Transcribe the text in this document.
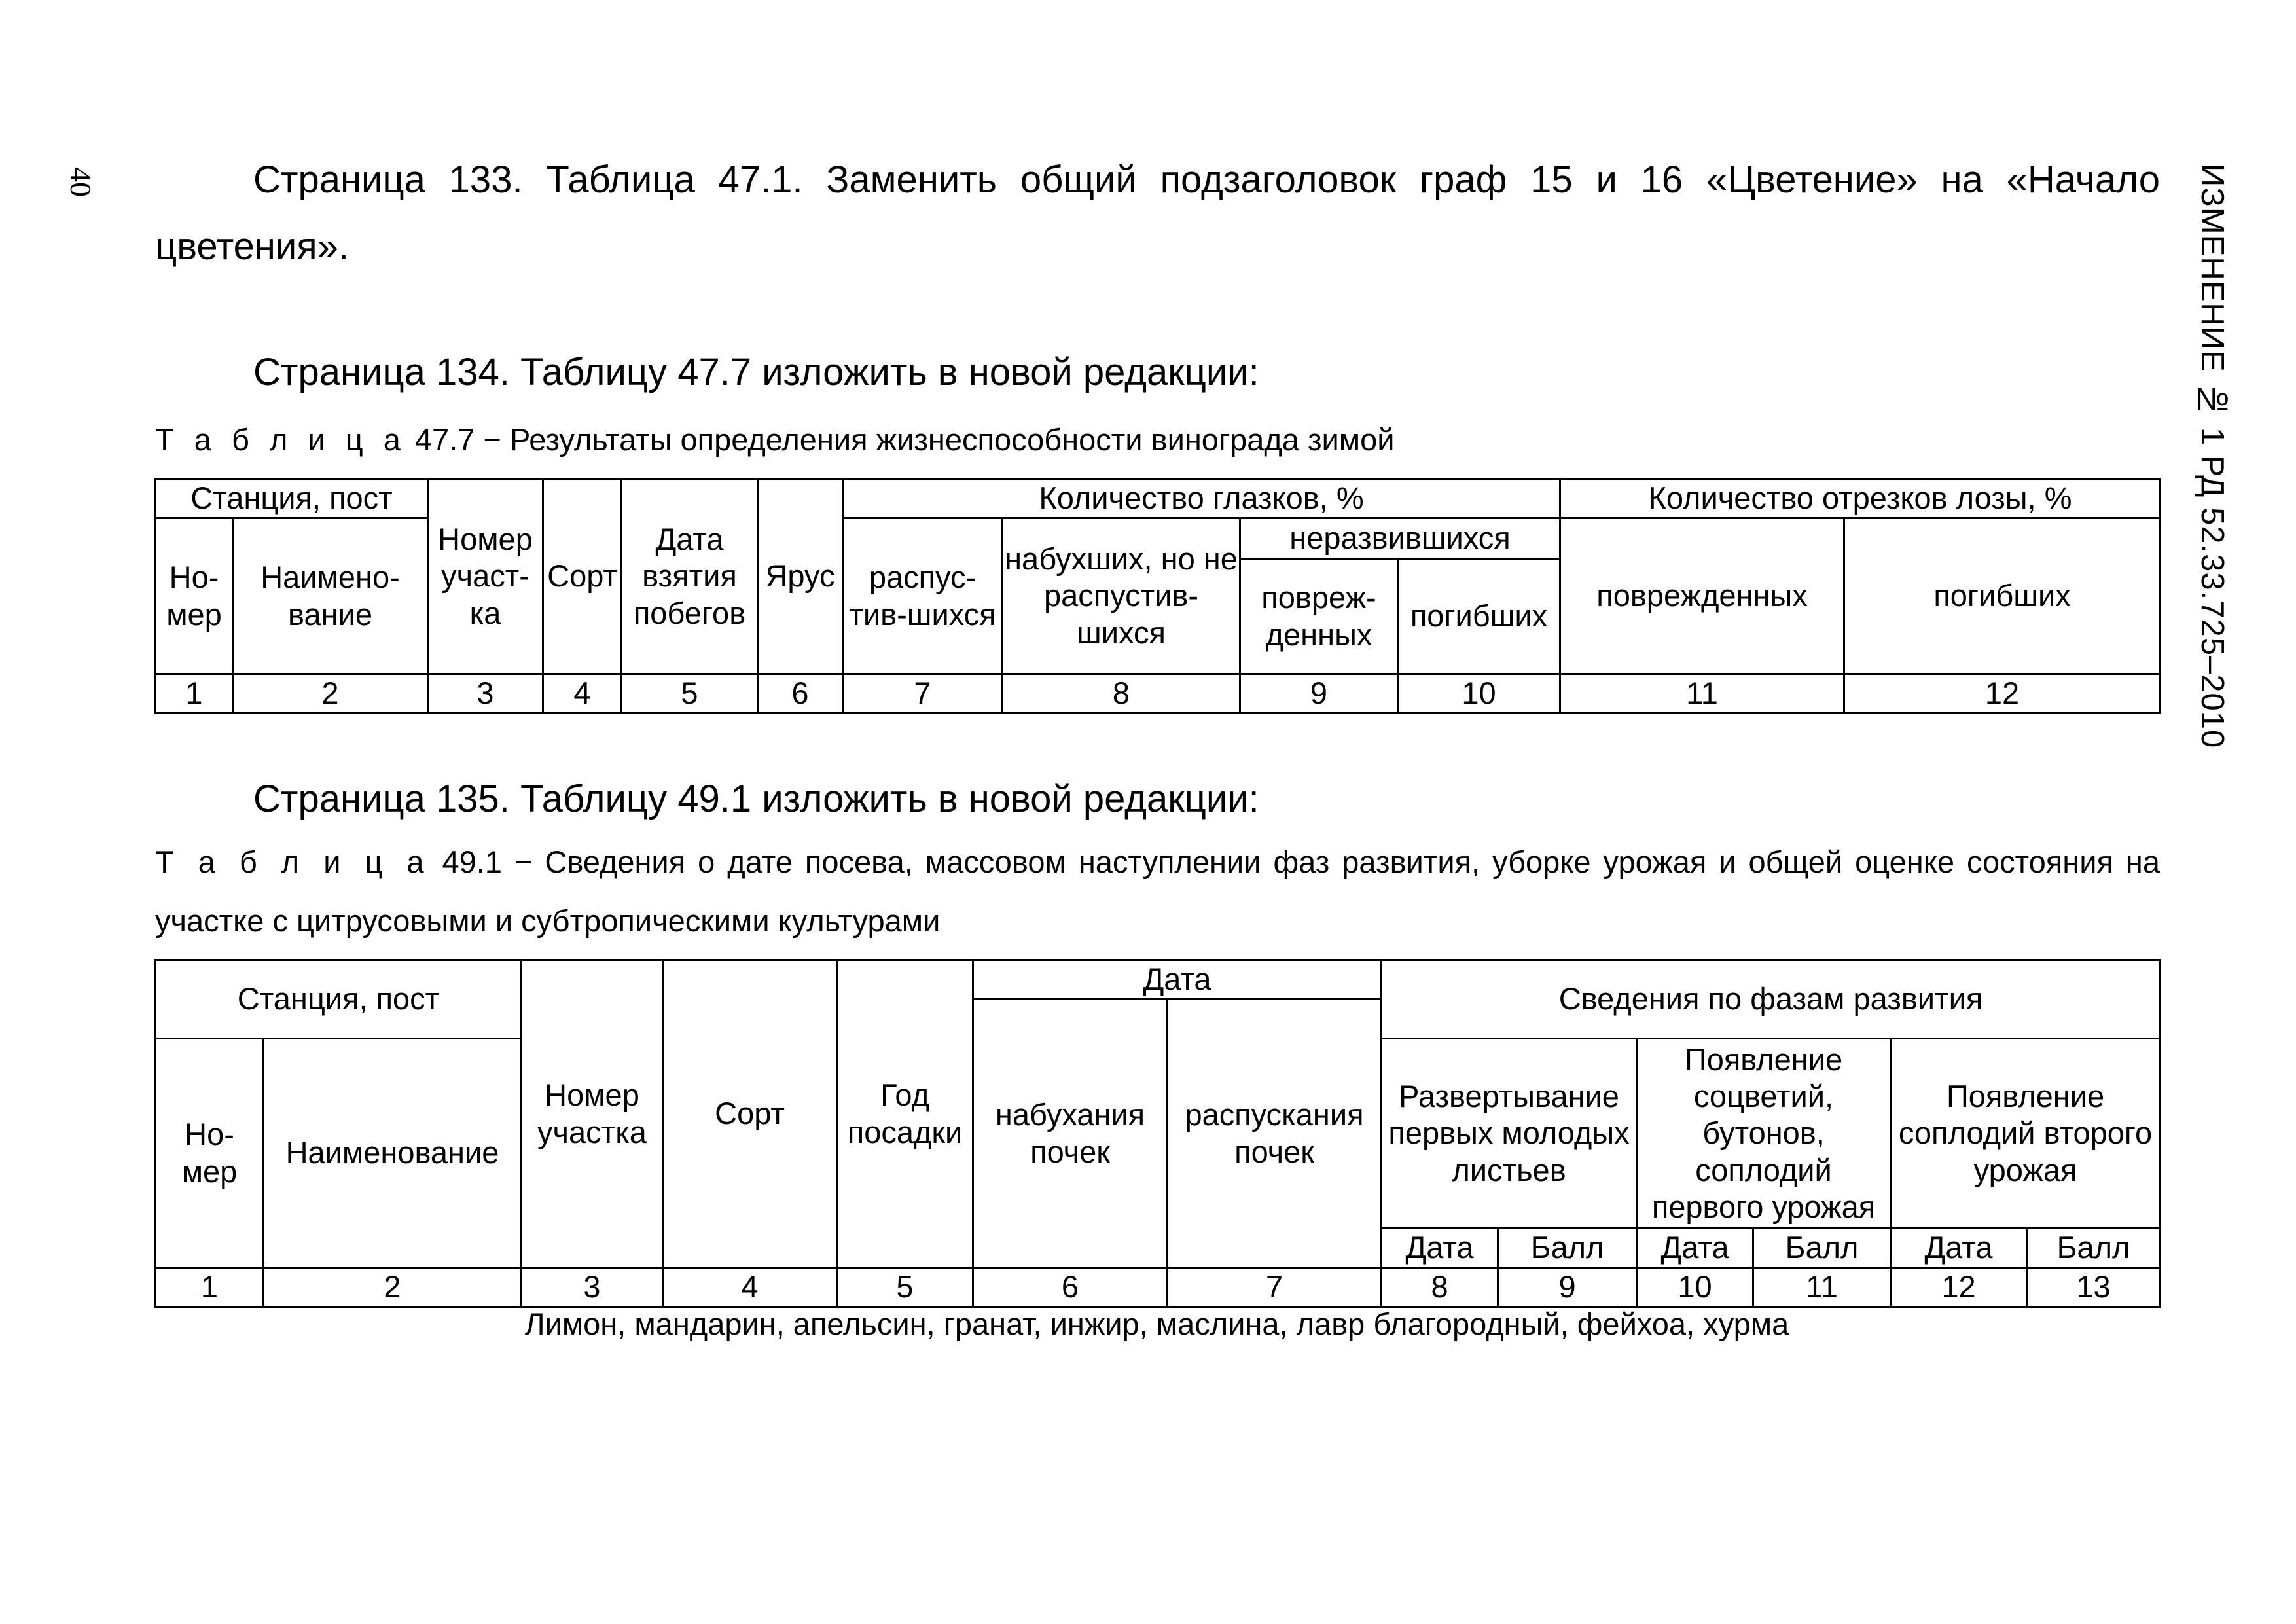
40	ИЗМЕНЕНИЕ № 1 РД 52.33.725–2010
Страница 133. Таблица 47.1. Заменить общий подзаголовок граф 15 и 16 «Цветение» на «Начало цветения».
Страница 134. Таблицу 47.7 изложить в новой редакции:
Т а б л и ц а 47.7 − Результаты определения жизнеспособности винограда зимой
Станция, пост		Номер участ-ка	Сорт	Дата взятия побегов	Ярус	Количество глазков, %				Количество отрезков лозы, %	
Но-мер	Наимено-вание					распус-тив-шихся	набухших, но не распустив-шихся	неразвившихся		поврежденных	погибших
								повреж-денных	погибших		
1	2	3	4	5	6	7	8	9	10	11	12
Страница 135. Таблицу 49.1 изложить в новой редакции:
Т а б л и ц а 49.1 − Сведения о дате посева, массовом наступлении фаз развития, уборке урожая и общей оценке состояния на участке с цитрусовыми и субтропическими культурами
Станция, пост		Номер участка	Сорт	Год посадки	Дата		Сведения по фазам развития					
					набухания почек	распускания почек						
Но-мер	Наименование						Развертывание первых молодых листьев		Появление соцветий, бутонов, соплодий первого урожая		Появление соплодий второго урожая	
							Дата	Балл	Дата	Балл	Дата	Балл
1	2	3	4	5	6	7	8	9	10	11	12	13
Лимон, мандарин, апельсин, гранат, инжир, маслина, лавр благородный, фейхоа, хурма
